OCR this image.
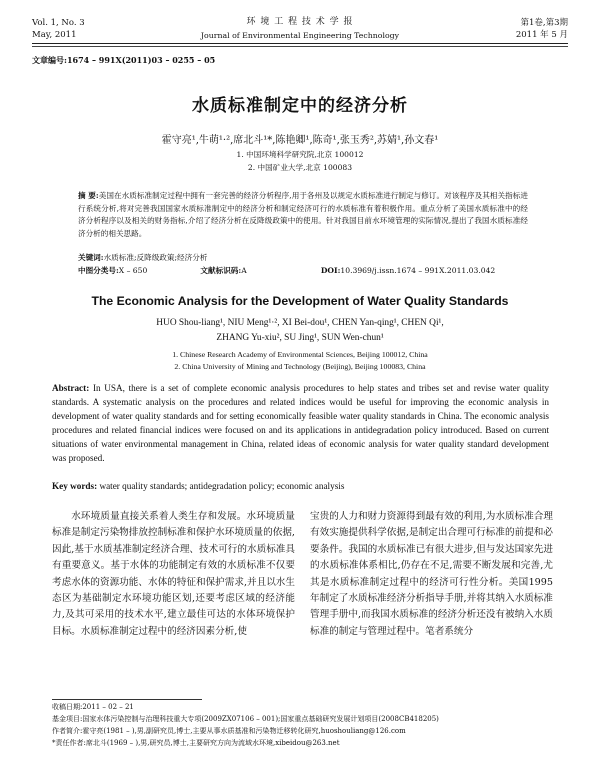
Vol. 1, No. 3
May, 2011
环 境 工 程 技 术 学 报
Journal of Environmental Engineering Technology
第1卷,第3期
2011 年 5 月
文章编号:1674 – 991X(2011)03 – 0255 – 05
水质标准制定中的经济分析
霍守亮¹,牛萌¹·²,席北斗¹*,陈艳卿¹,陈奇¹,张玉秀²,苏婧¹,孙文春¹
1. 中国环境科学研究院,北京 100012
2. 中国矿业大学,北京 100083
摘 要:美国在水质标准制定过程中拥有一套完善的经济分析程序,用于各州及以规定水质标准进行制定与修订。对该程序及其相关指标进行系统分析,将对完善我国国家水质标准制定中的经济分析和制定经济可行的水质标准有着积极作用。重点分析了美国水质标准中的经济分析程序以及相关的财务指标,介绍了经济分析在反降级政策中的使用。针对我国目前水环境管理的实际情况,提出了我国水质标准经济分析的相关思路。
关键词:水质标准;反降级政策;经济分析
中图分类号:X – 650	文献标识码:A	DOI:10.3969/j.issn.1674 – 991X.2011.03.042
The Economic Analysis for the Development of Water Quality Standards
HUO Shou-liang¹, NIU Meng¹·², XI Bei-dou¹, CHEN Yan-qing¹, CHEN Qi¹,
ZHANG Yu-xiu², SU Jing¹, SUN Wen-chun¹
1. Chinese Research Academy of Environmental Sciences, Beijing 100012, China
2. China University of Mining and Technology (Beijing), Beijing 100083, China
Abstract: In USA, there is a set of complete economic analysis procedures to help states and tribes set and revise water quality standards. A systematic analysis on the procedures and related indices would be useful for improving the economic analysis in development of water quality standards and for setting economically feasible water quality standards in China. The economic analysis procedures and related financial indices were focused on and its applications in antidegradation policy introduced. Based on current situations of water environmental management in China, related ideas of economic analysis for water quality standard development was proposed.
Key words: water quality standards; antidegradation policy; economic analysis
水环境质量直接关系着人类生存和发展。水环境质量标准是制定污染物排放控制标准和保护水环境质量的依据,因此,基于水质基准制定经济合理、技术可行的水质标准具有重要意义。基于水体的功能制定有效的水质标准不仅要考虑水体的资源功能、水体的特征和保护需求,并且以水生态区为基础制定水环境功能区划,还要考虑区域的经济能力,及其可采用的技术水平,建立最佳可达的水体环境保护目标。水质标准制定过程中的经济因素分析,使
宝贵的人力和财力资源得到最有效的利用,为水质标准合理有效实施提供科学依据,是制定出合理可行标准的前提和必要条件。我国的水质标准已有很大进步,但与发达国家先进的水质标准体系相比,仍存在不足,需要不断发展和完善,尤其是水质标准制定过程中的经济可行性分析。美国1995年制定了水质标准经济分析指导手册,并将其纳入水质标准管理手册中,而我国水质标准的经济分析还没有被纳入水质标准的制定与管理过程中。笔者系统分
收稿日期:2011 – 02 – 21
基金项目:国家水体污染控制与治理科技重大专项(2009ZX07106 – 001);国家重点基础研究发展计划项目(2008CB418205)
作者简介:霍守亮(1981 – ),男,副研究员,博士,主要从事水质基准和污染物迁移转化研究,huoshouliang@126.com
*责任作者:席北斗(1969 – ),男,研究员,博士,主要研究方向为流域水环境,xibeidou@263.net
